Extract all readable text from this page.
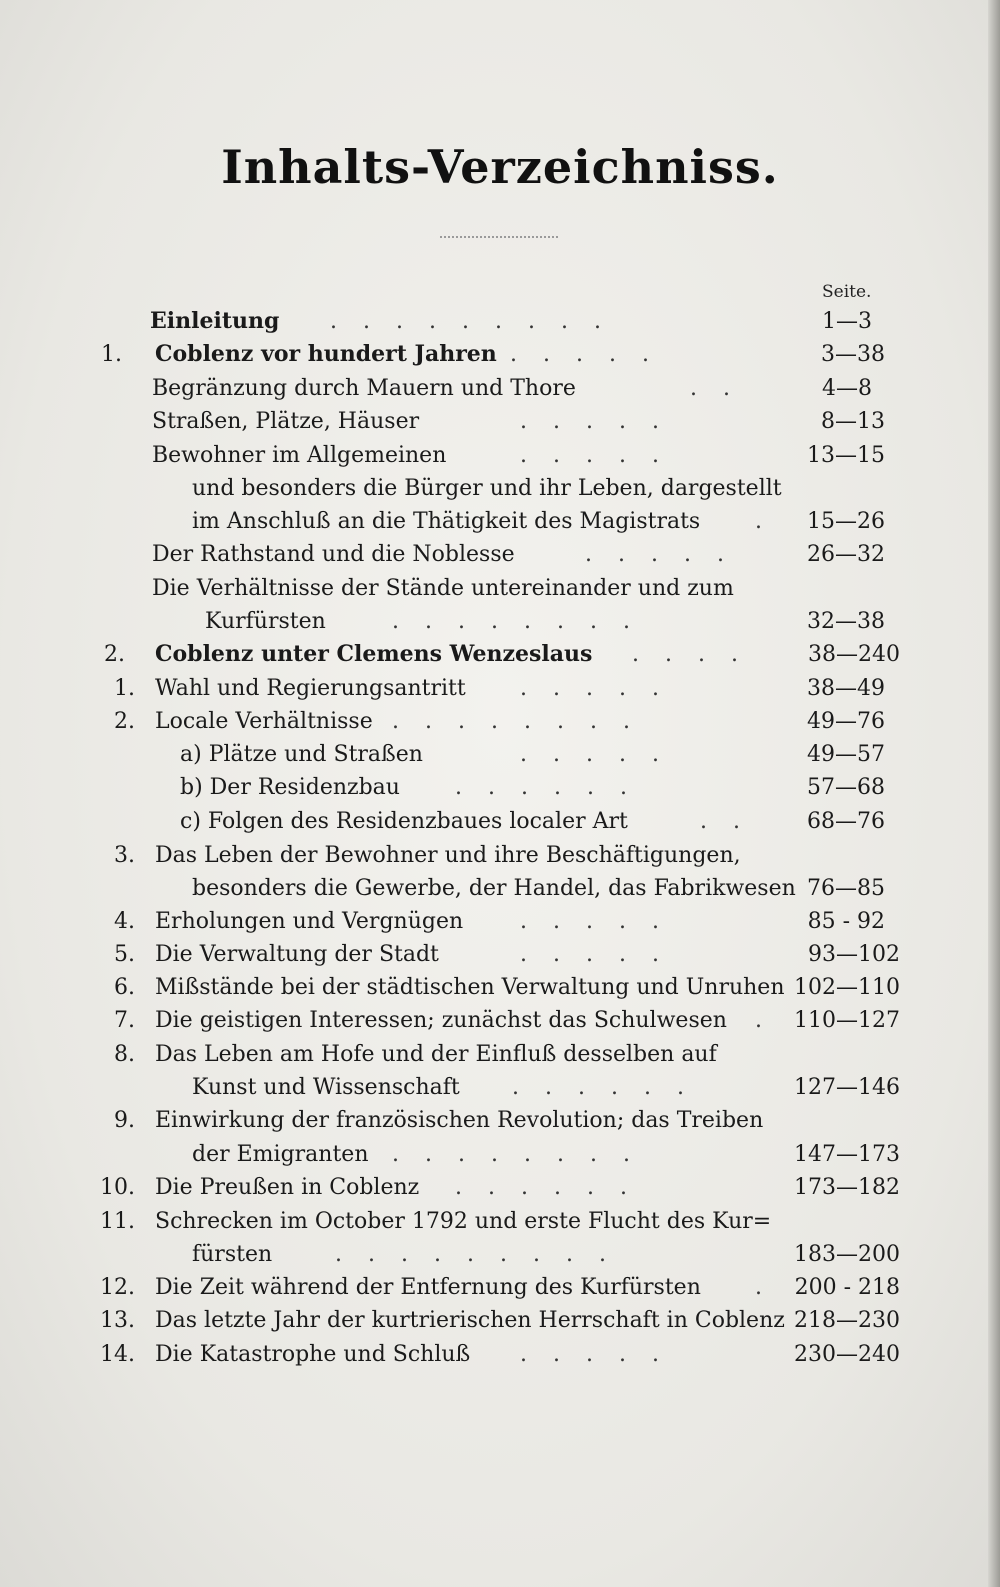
Inhalts-Verzeichniss.
Seite.
Einleitung .........	1—3
1. Coblenz vor hundert Jahren .....	3—38
Begränzung durch Mauern und Thore	..	4—8
Straßen, Plätze, Häuser	.....	8—13
Bewohner im Allgemeinen	.....	13—15
und besonders die Bürger und ihr Leben, dargestellt
im Anschluß an die Thätigkeit des Magistrats . 15—26
Der Rathstand und die Noblesse	.....	26—32
Die Verhältnisse der Stände untereinander und zum
Kurfürsten	........	32—38
2. Coblenz unter Clemens Wenzeslaus .... 38—240
1. Wahl und Regierungsantritt .....	38—49
2. Locale Verhältnisse ........	49—76
a) Plätze und Straßen	.....	49—57
b) Der Residenzbau	......	57—68
c) Folgen des Residenzbaues localer Art	.. 68—76
3. Das Leben der Bewohner und ihre Beschäftigungen,
besonders die Gewerbe, der Handel, das Fabrikwesen 76—85
4. Erholungen und Vergnügen	.....	85 - 92
5. Die Verwaltung der Stadt	.....	93—102
6. Mißstände bei der städtischen Verwaltung und Unruhen 102—110
7. Die geistigen Interessen; zunächst das Schulwesen . 110—127
8. Das Leben am Hofe und der Einfluß desselben auf
Kunst und Wissenschaft ......	127—146
9. Einwirkung der französischen Revolution; das Treiben
der Emigranten ........	147—173
10. Die Preußen in Coblenz ......	173—182
11. Schrecken im October 1792 und erste Flucht des Kur=
fürsten	.........	183—200
12. Die Zeit während der Entfernung des Kurfürsten . 200 - 218
13. Das letzte Jahr der kurtrierischen Herrschaft in Coblenz 218—230
14. Die Katastrophe und Schluß .....	230—240
